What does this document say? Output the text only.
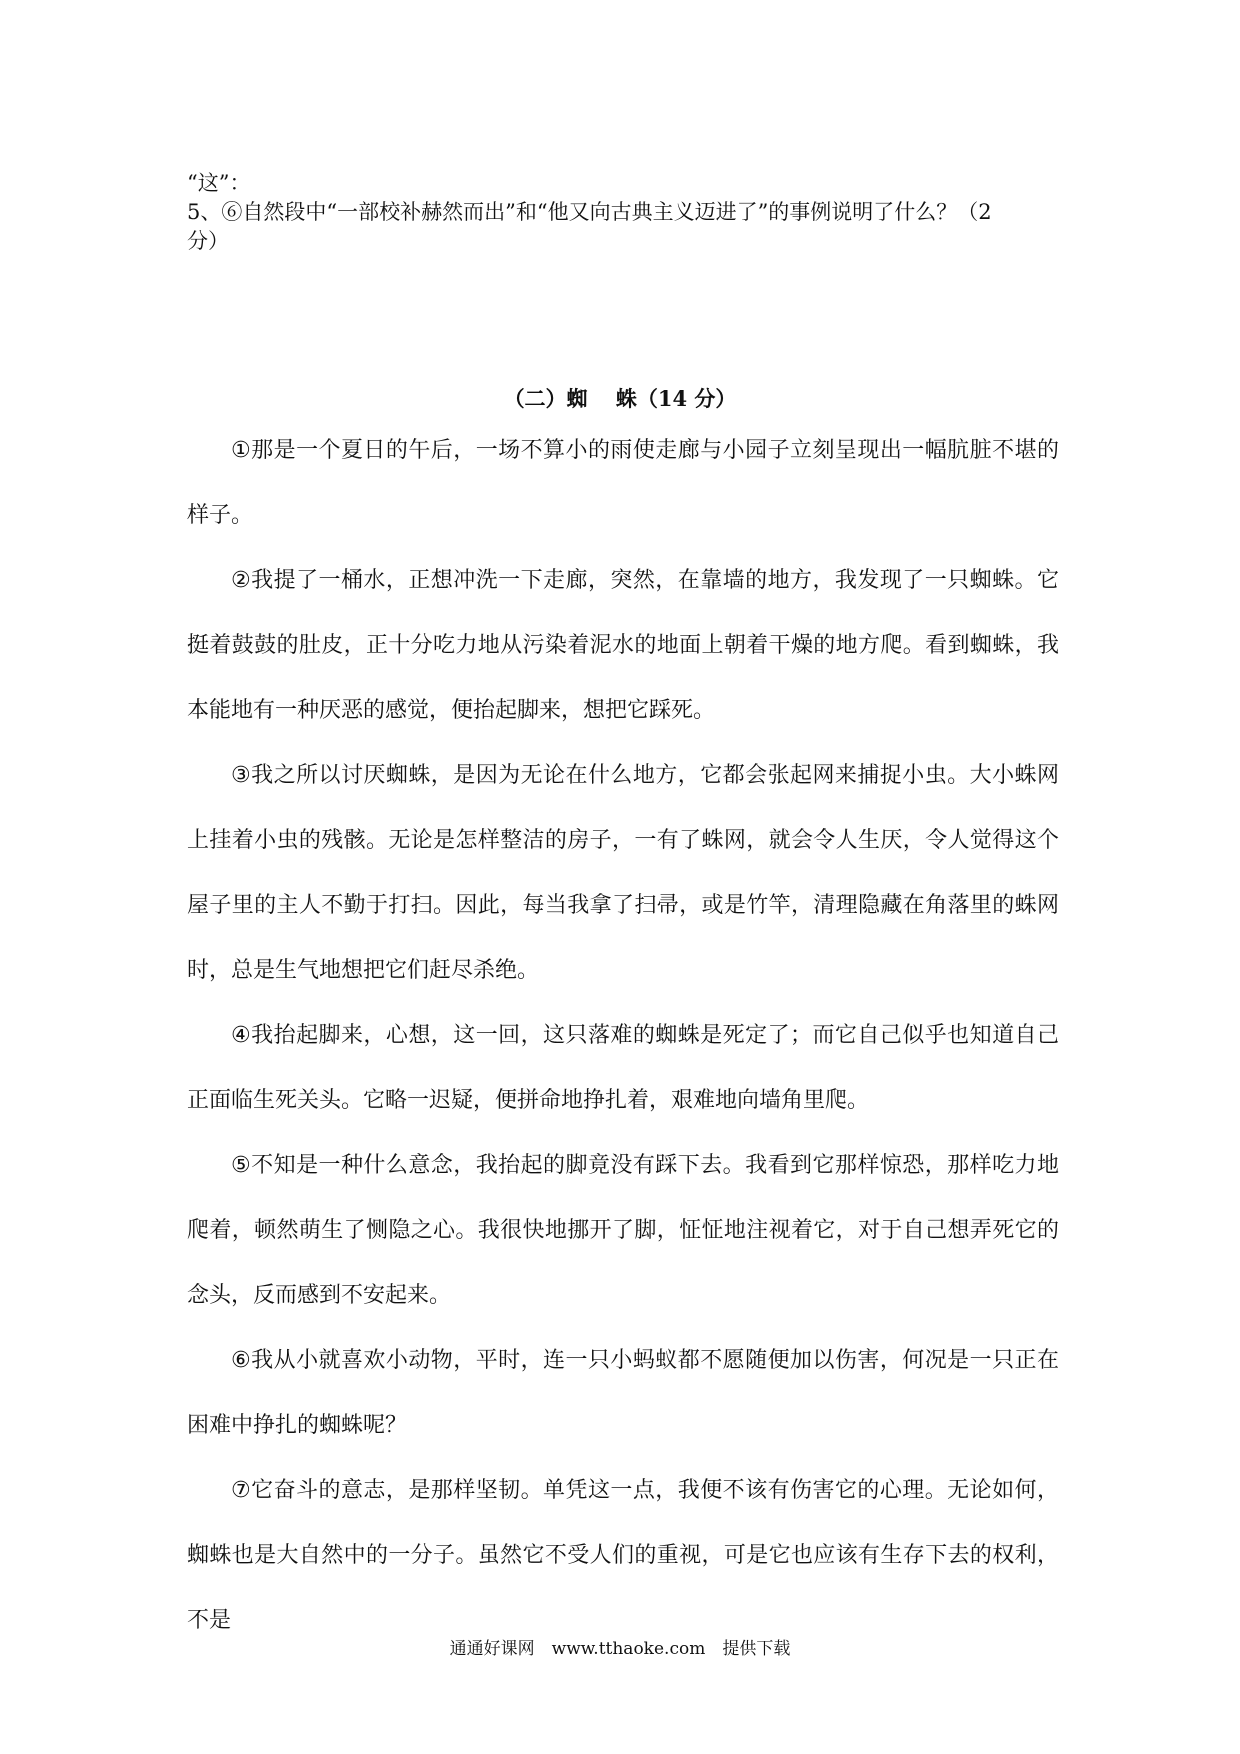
“这”：
5、⑥自然段中“一部校补赫然而出”和“他又向古典主义迈进了”的事例说明了什么？（2
分）
（二）蜘　 蛛（14 分）
①那是一个夏日的午后，一场不算小的雨使走廊与小园子立刻呈现出一幅肮脏不堪的样子。
②我提了一桶水，正想冲洗一下走廊，突然，在靠墙的地方，我发现了一只蜘蛛。它挺着鼓鼓的肚皮，正十分吃力地从污染着泥水的地面上朝着干燥的地方爬。看到蜘蛛，我本能地有一种厌恶的感觉，便抬起脚来，想把它踩死。
③我之所以讨厌蜘蛛，是因为无论在什么地方，它都会张起网来捕捉小虫。大小蛛网上挂着小虫的残骸。无论是怎样整洁的房子，一有了蛛网，就会令人生厌，令人觉得这个屋子里的主人不勤于打扫。因此，每当我拿了扫帚，或是竹竿，清理隐藏在角落里的蛛网时，总是生气地想把它们赶尽杀绝。
④我抬起脚来，心想，这一回，这只落难的蜘蛛是死定了；而它自己似乎也知道自己正面临生死关头。它略一迟疑，便拼命地挣扎着，艰难地向墙角里爬。
⑤不知是一种什么意念，我抬起的脚竟没有踩下去。我看到它那样惊恐，那样吃力地爬着，顿然萌生了恻隐之心。我很快地挪开了脚，怔怔地注视着它，对于自己想弄死它的念头，反而感到不安起来。
⑥我从小就喜欢小动物，平时，连一只小蚂蚁都不愿随便加以伤害，何况是一只正在困难中挣扎的蜘蛛呢？
⑦它奋斗的意志，是那样坚韧。单凭这一点，我便不该有伤害它的心理。无论如何，蜘蛛也是大自然中的一分子。虽然它不受人们的重视，可是它也应该有生存下去的权利，不是
通通好课网　www.tthaoke.com　提供下载
